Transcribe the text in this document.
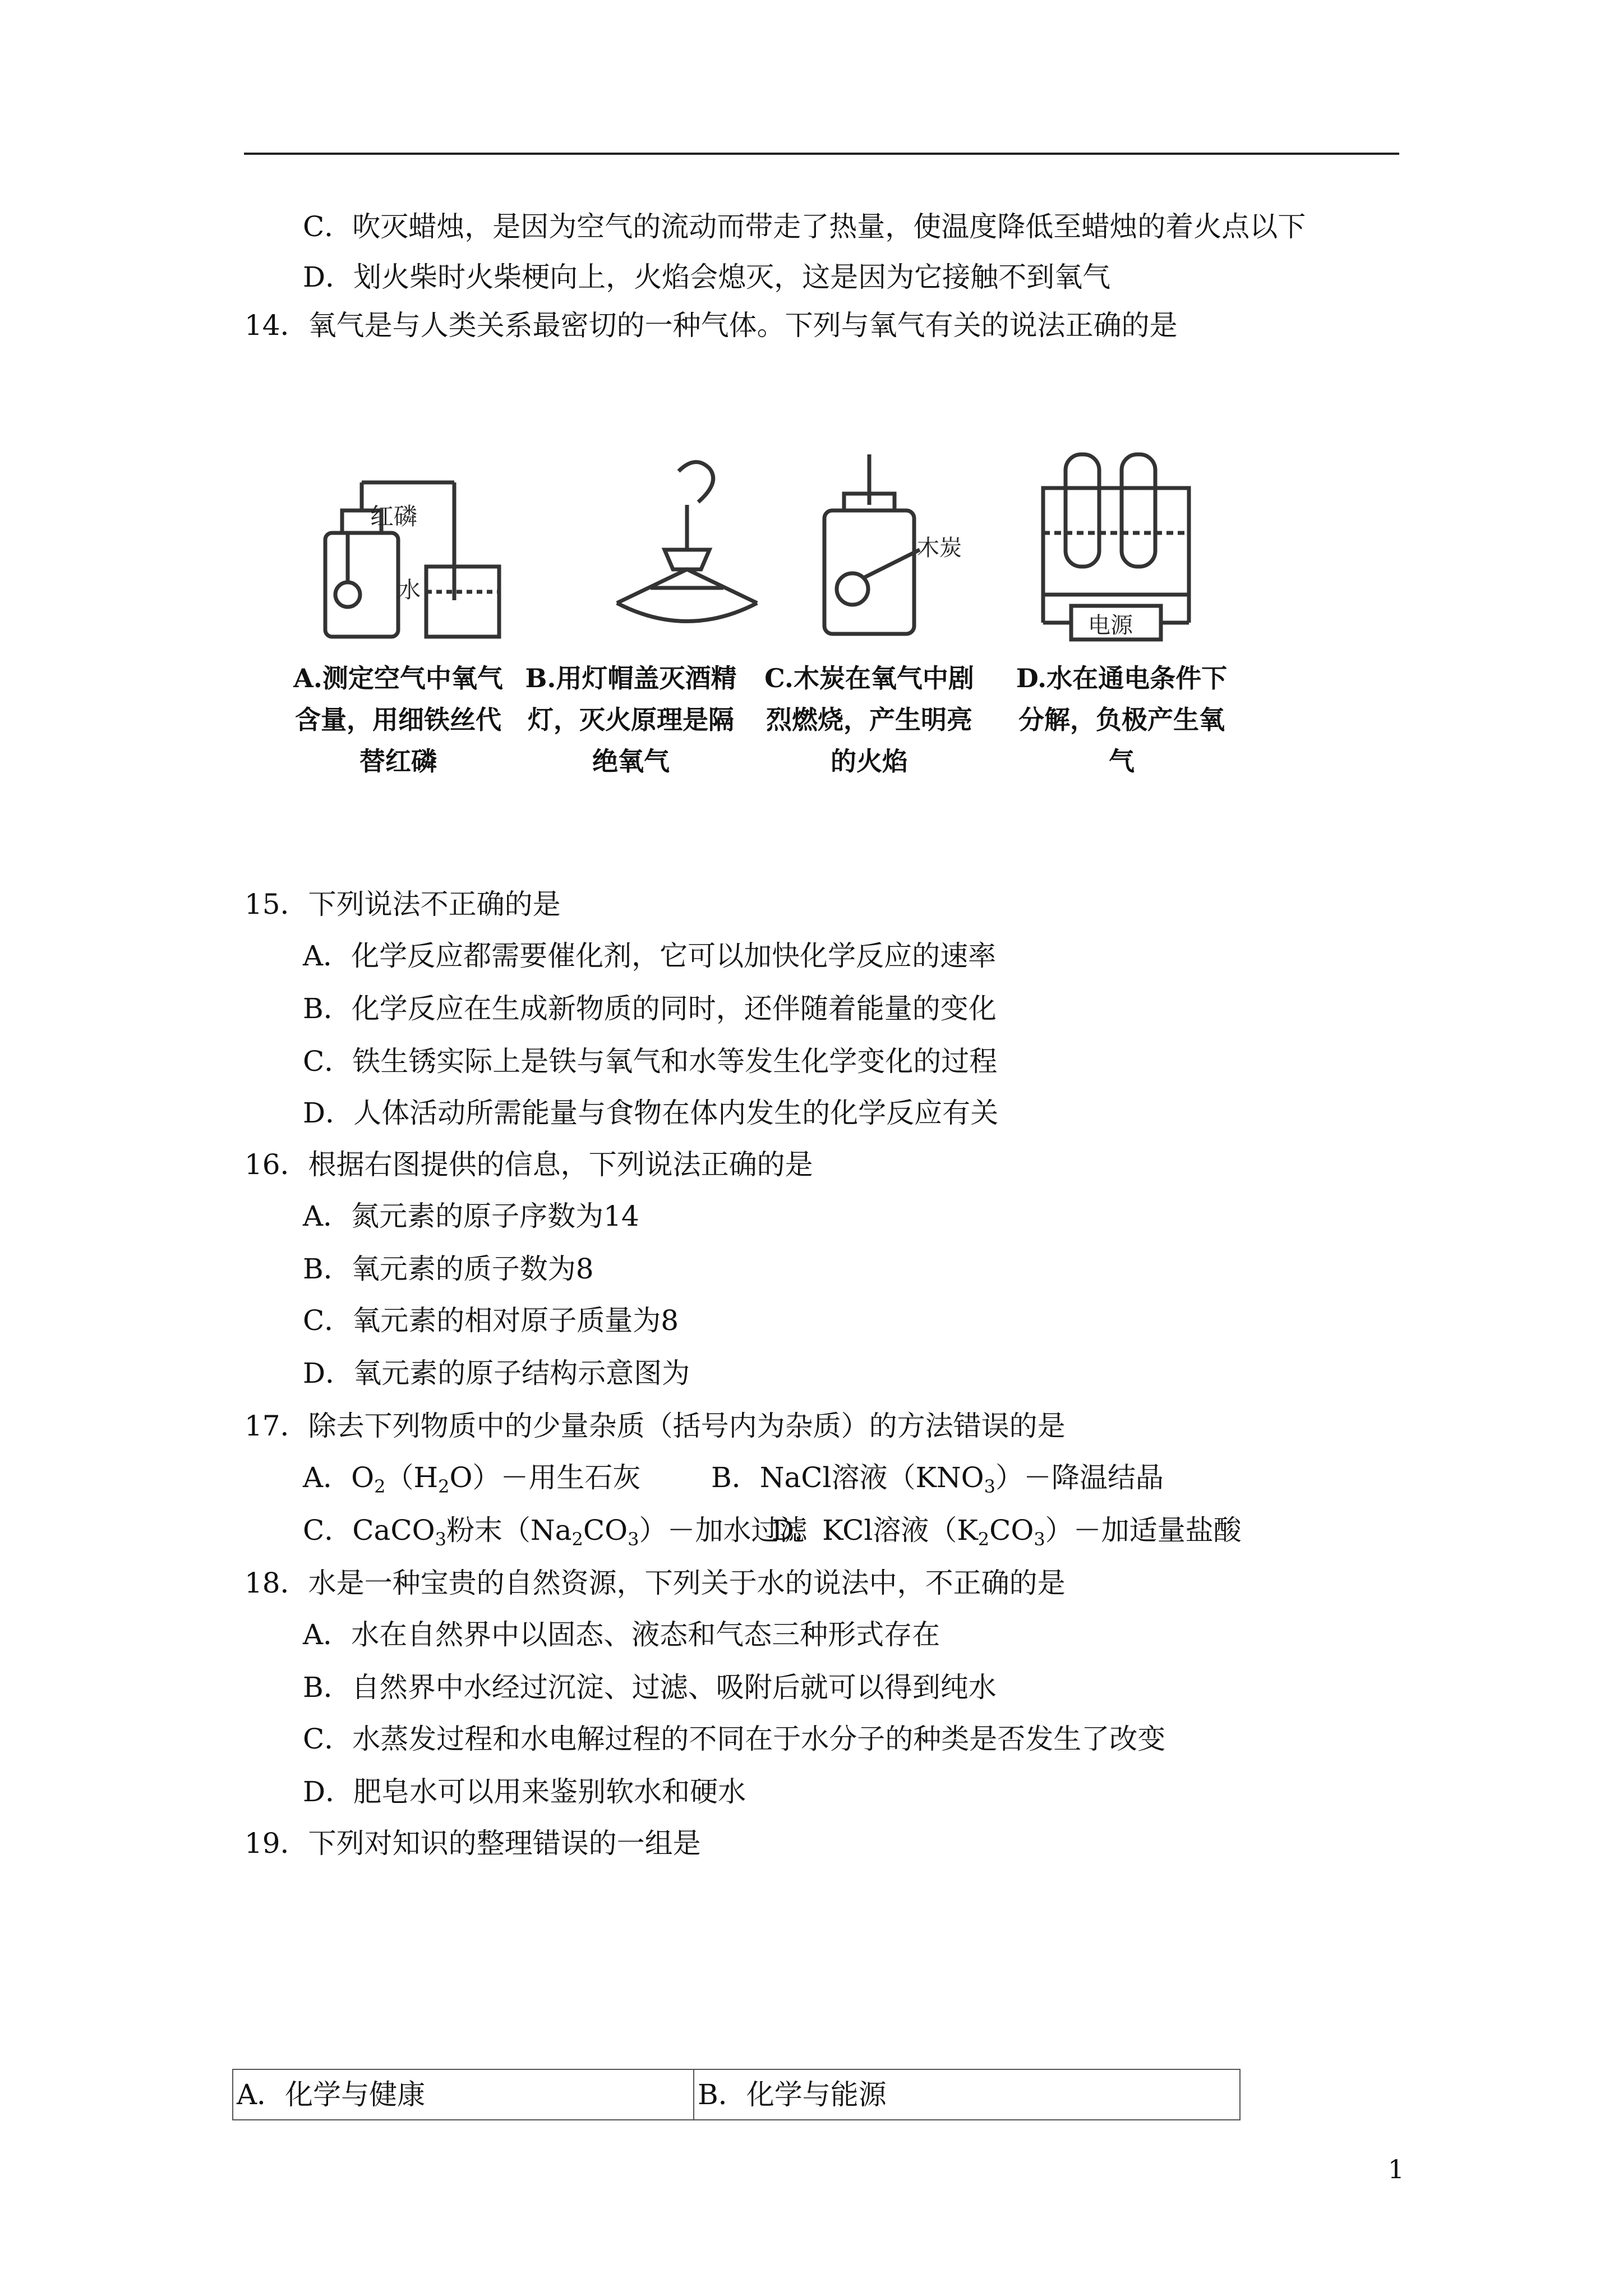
C．吹灭蜡烛，是因为空气的流动而带走了热量，使温度降低至蜡烛的着火点以下
D．划火柴时火柴梗向上，火焰会熄灭，这是因为它接触不到氧气
14．氧气是与人类关系最密切的一种气体。下列与氧气有关的说法正确的是
红磷
水
木炭
电源
A.测定空气中氧气含量，用细铁丝代替红磷
B.用灯帽盖灭酒精灯，灭火原理是隔绝氧气
C.木炭在氧气中剧烈燃烧，产生明亮的火焰
D.水在通电条件下分解，负极产生氧气
15．下列说法不正确的是
A．化学反应都需要催化剂，它可以加快化学反应的速率
B．化学反应在生成新物质的同时，还伴随着能量的变化
C．铁生锈实际上是铁与氧气和水等发生化学变化的过程
D．人体活动所需能量与食物在体内发生的化学反应有关
16．根据右图提供的信息，下列说法正确的是
A．氮元素的原子序数为14
B．氧元素的质子数为8
C．氧元素的相对原子质量为8
D．氧元素的原子结构示意图为
17．除去下列物质中的少量杂质（括号内为杂质）的方法错误的是
A．$O_2(H_2O)-$用生石灰	B．NaCl溶液$(KNO_3)-$降温结晶
C．CaCO$_3$粉末$(Na_2CO_3)-$加水过滤
D．KCl溶液$(K_2CO_3)-$加适量盐酸
18．水是一种宝贵的自然资源，下列关于水的说法中，不正确的是
A．水在自然界中以固态、液态和气态三种形式存在
B．自然界中水经过沉淀、过滤、吸附后就可以得到纯水
C．水蒸发过程和水电解过程的不同在于水分子的种类是否发生了改变
D．肥皂水可以用来鉴别软水和硬水
19．下列对知识的整理错误的一组是
A．化学与健康	B．化学与能源
1
